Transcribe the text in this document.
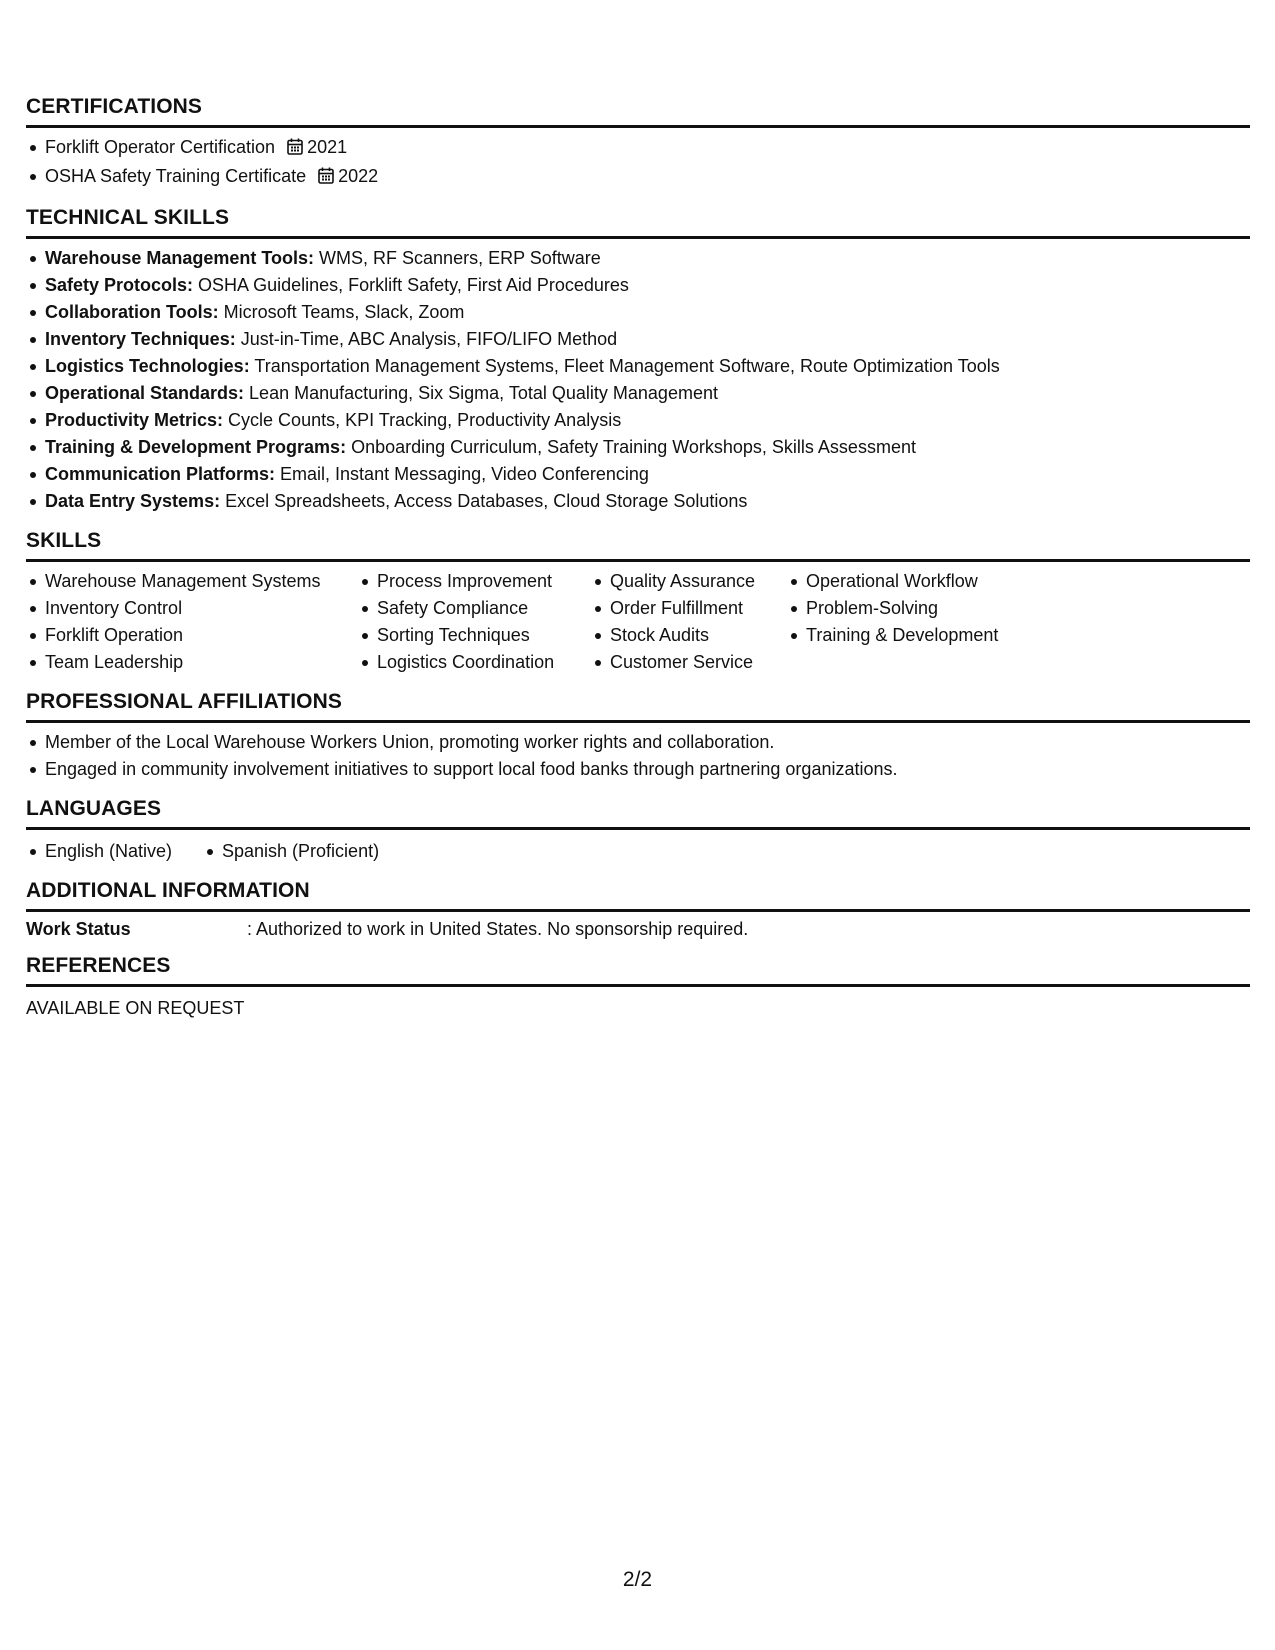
CERTIFICATIONS
Forklift Operator Certification 2021
OSHA Safety Training Certificate 2022
TECHNICAL SKILLS
Warehouse Management Tools: WMS, RF Scanners, ERP Software
Safety Protocols: OSHA Guidelines, Forklift Safety, First Aid Procedures
Collaboration Tools: Microsoft Teams, Slack, Zoom
Inventory Techniques: Just-in-Time, ABC Analysis, FIFO/LIFO Method
Logistics Technologies: Transportation Management Systems, Fleet Management Software, Route Optimization Tools
Operational Standards: Lean Manufacturing, Six Sigma, Total Quality Management
Productivity Metrics: Cycle Counts, KPI Tracking, Productivity Analysis
Training & Development Programs: Onboarding Curriculum, Safety Training Workshops, Skills Assessment
Communication Platforms: Email, Instant Messaging, Video Conferencing
Data Entry Systems: Excel Spreadsheets, Access Databases, Cloud Storage Solutions
SKILLS
Warehouse Management Systems
Inventory Control
Forklift Operation
Team Leadership
Process Improvement
Safety Compliance
Sorting Techniques
Logistics Coordination
Quality Assurance
Order Fulfillment
Stock Audits
Customer Service
Operational Workflow
Problem-Solving
Training & Development
PROFESSIONAL AFFILIATIONS
Member of the Local Warehouse Workers Union, promoting worker rights and collaboration.
Engaged in community involvement initiatives to support local food banks through partnering organizations.
LANGUAGES
English (Native)	Spanish (Proficient)
ADDITIONAL INFORMATION
Work Status	: Authorized to work in United States. No sponsorship required.
REFERENCES
AVAILABLE ON REQUEST
2/2
